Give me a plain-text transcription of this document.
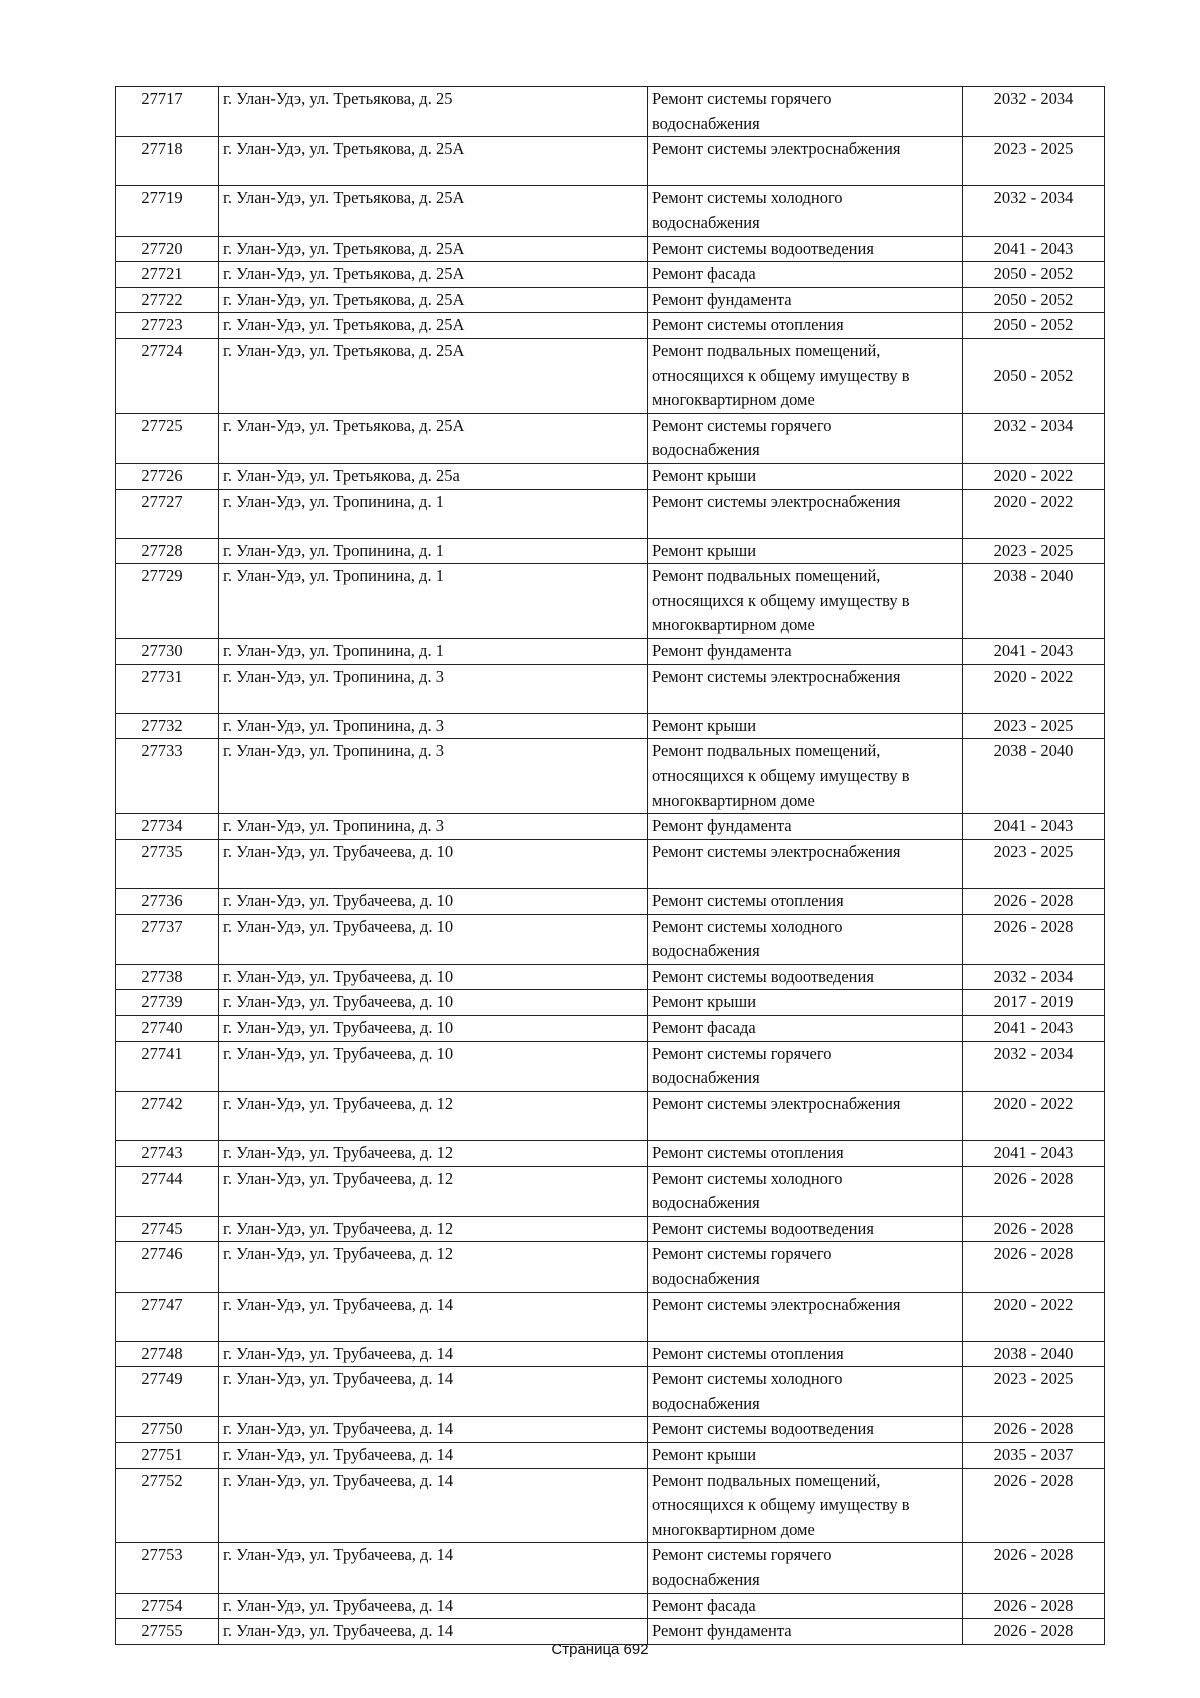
27717	г. Улан-Удэ, ул. Третьякова, д. 25	Ремонт системы горячего
водоснабжения	2032 - 2034
27718	г. Улан-Удэ, ул. Третьякова, д. 25А	Ремонт системы электроснабжения	2023 - 2025
27719	г. Улан-Удэ, ул. Третьякова, д. 25А	Ремонт системы холодного
водоснабжения	2032 - 2034
27720	г. Улан-Удэ, ул. Третьякова, д. 25А	Ремонт системы водоотведения	2041 - 2043
27721	г. Улан-Удэ, ул. Третьякова, д. 25А	Ремонт фасада	2050 - 2052
27722	г. Улан-Удэ, ул. Третьякова, д. 25А	Ремонт фундамента	2050 - 2052
27723	г. Улан-Удэ, ул. Третьякова, д. 25А	Ремонт системы отопления	2050 - 2052
27724	г. Улан-Удэ, ул. Третьякова, д. 25А	Ремонт подвальных помещений,
относящихся к общему имуществу в
многоквартирном доме	2050 - 2052
27725	г. Улан-Удэ, ул. Третьякова, д. 25А	Ремонт системы горячего
водоснабжения	2032 - 2034
27726	г. Улан-Удэ, ул. Третьякова, д. 25а	Ремонт крыши	2020 - 2022
27727	г. Улан-Удэ, ул. Тропинина, д. 1	Ремонт системы электроснабжения	2020 - 2022
27728	г. Улан-Удэ, ул. Тропинина, д. 1	Ремонт крыши	2023 - 2025
27729	г. Улан-Удэ, ул. Тропинина, д. 1	Ремонт подвальных помещений,
относящихся к общему имуществу в
многоквартирном доме	2038 - 2040
27730	г. Улан-Удэ, ул. Тропинина, д. 1	Ремонт фундамента	2041 - 2043
27731	г. Улан-Удэ, ул. Тропинина, д. 3	Ремонт системы электроснабжения	2020 - 2022
27732	г. Улан-Удэ, ул. Тропинина, д. 3	Ремонт крыши	2023 - 2025
27733	г. Улан-Удэ, ул. Тропинина, д. 3	Ремонт подвальных помещений,
относящихся к общему имуществу в
многоквартирном доме	2038 - 2040
27734	г. Улан-Удэ, ул. Тропинина, д. 3	Ремонт фундамента	2041 - 2043
27735	г. Улан-Удэ, ул. Трубачеева, д. 10	Ремонт системы электроснабжения	2023 - 2025
27736	г. Улан-Удэ, ул. Трубачеева, д. 10	Ремонт системы отопления	2026 - 2028
27737	г. Улан-Удэ, ул. Трубачеева, д. 10	Ремонт системы холодного
водоснабжения	2026 - 2028
27738	г. Улан-Удэ, ул. Трубачеева, д. 10	Ремонт системы водоотведения	2032 - 2034
27739	г. Улан-Удэ, ул. Трубачеева, д. 10	Ремонт крыши	2017 - 2019
27740	г. Улан-Удэ, ул. Трубачеева, д. 10	Ремонт фасада	2041 - 2043
27741	г. Улан-Удэ, ул. Трубачеева, д. 10	Ремонт системы горячего
водоснабжения	2032 - 2034
27742	г. Улан-Удэ, ул. Трубачеева, д. 12	Ремонт системы электроснабжения	2020 - 2022
27743	г. Улан-Удэ, ул. Трубачеева, д. 12	Ремонт системы отопления	2041 - 2043
27744	г. Улан-Удэ, ул. Трубачеева, д. 12	Ремонт системы холодного
водоснабжения	2026 - 2028
27745	г. Улан-Удэ, ул. Трубачеева, д. 12	Ремонт системы водоотведения	2026 - 2028
27746	г. Улан-Удэ, ул. Трубачеева, д. 12	Ремонт системы горячего
водоснабжения	2026 - 2028
27747	г. Улан-Удэ, ул. Трубачеева, д. 14	Ремонт системы электроснабжения	2020 - 2022
27748	г. Улан-Удэ, ул. Трубачеева, д. 14	Ремонт системы отопления	2038 - 2040
27749	г. Улан-Удэ, ул. Трубачеева, д. 14	Ремонт системы холодного
водоснабжения	2023 - 2025
27750	г. Улан-Удэ, ул. Трубачеева, д. 14	Ремонт системы водоотведения	2026 - 2028
27751	г. Улан-Удэ, ул. Трубачеева, д. 14	Ремонт крыши	2035 - 2037
27752	г. Улан-Удэ, ул. Трубачеева, д. 14	Ремонт подвальных помещений,
относящихся к общему имуществу в
многоквартирном доме	2026 - 2028
27753	г. Улан-Удэ, ул. Трубачеева, д. 14	Ремонт системы горячего
водоснабжения	2026 - 2028
27754	г. Улан-Удэ, ул. Трубачеева, д. 14	Ремонт фасада	2026 - 2028
27755	г. Улан-Удэ, ул. Трубачеева, д. 14	Ремонт фундамента	2026 - 2028
Страница 692
